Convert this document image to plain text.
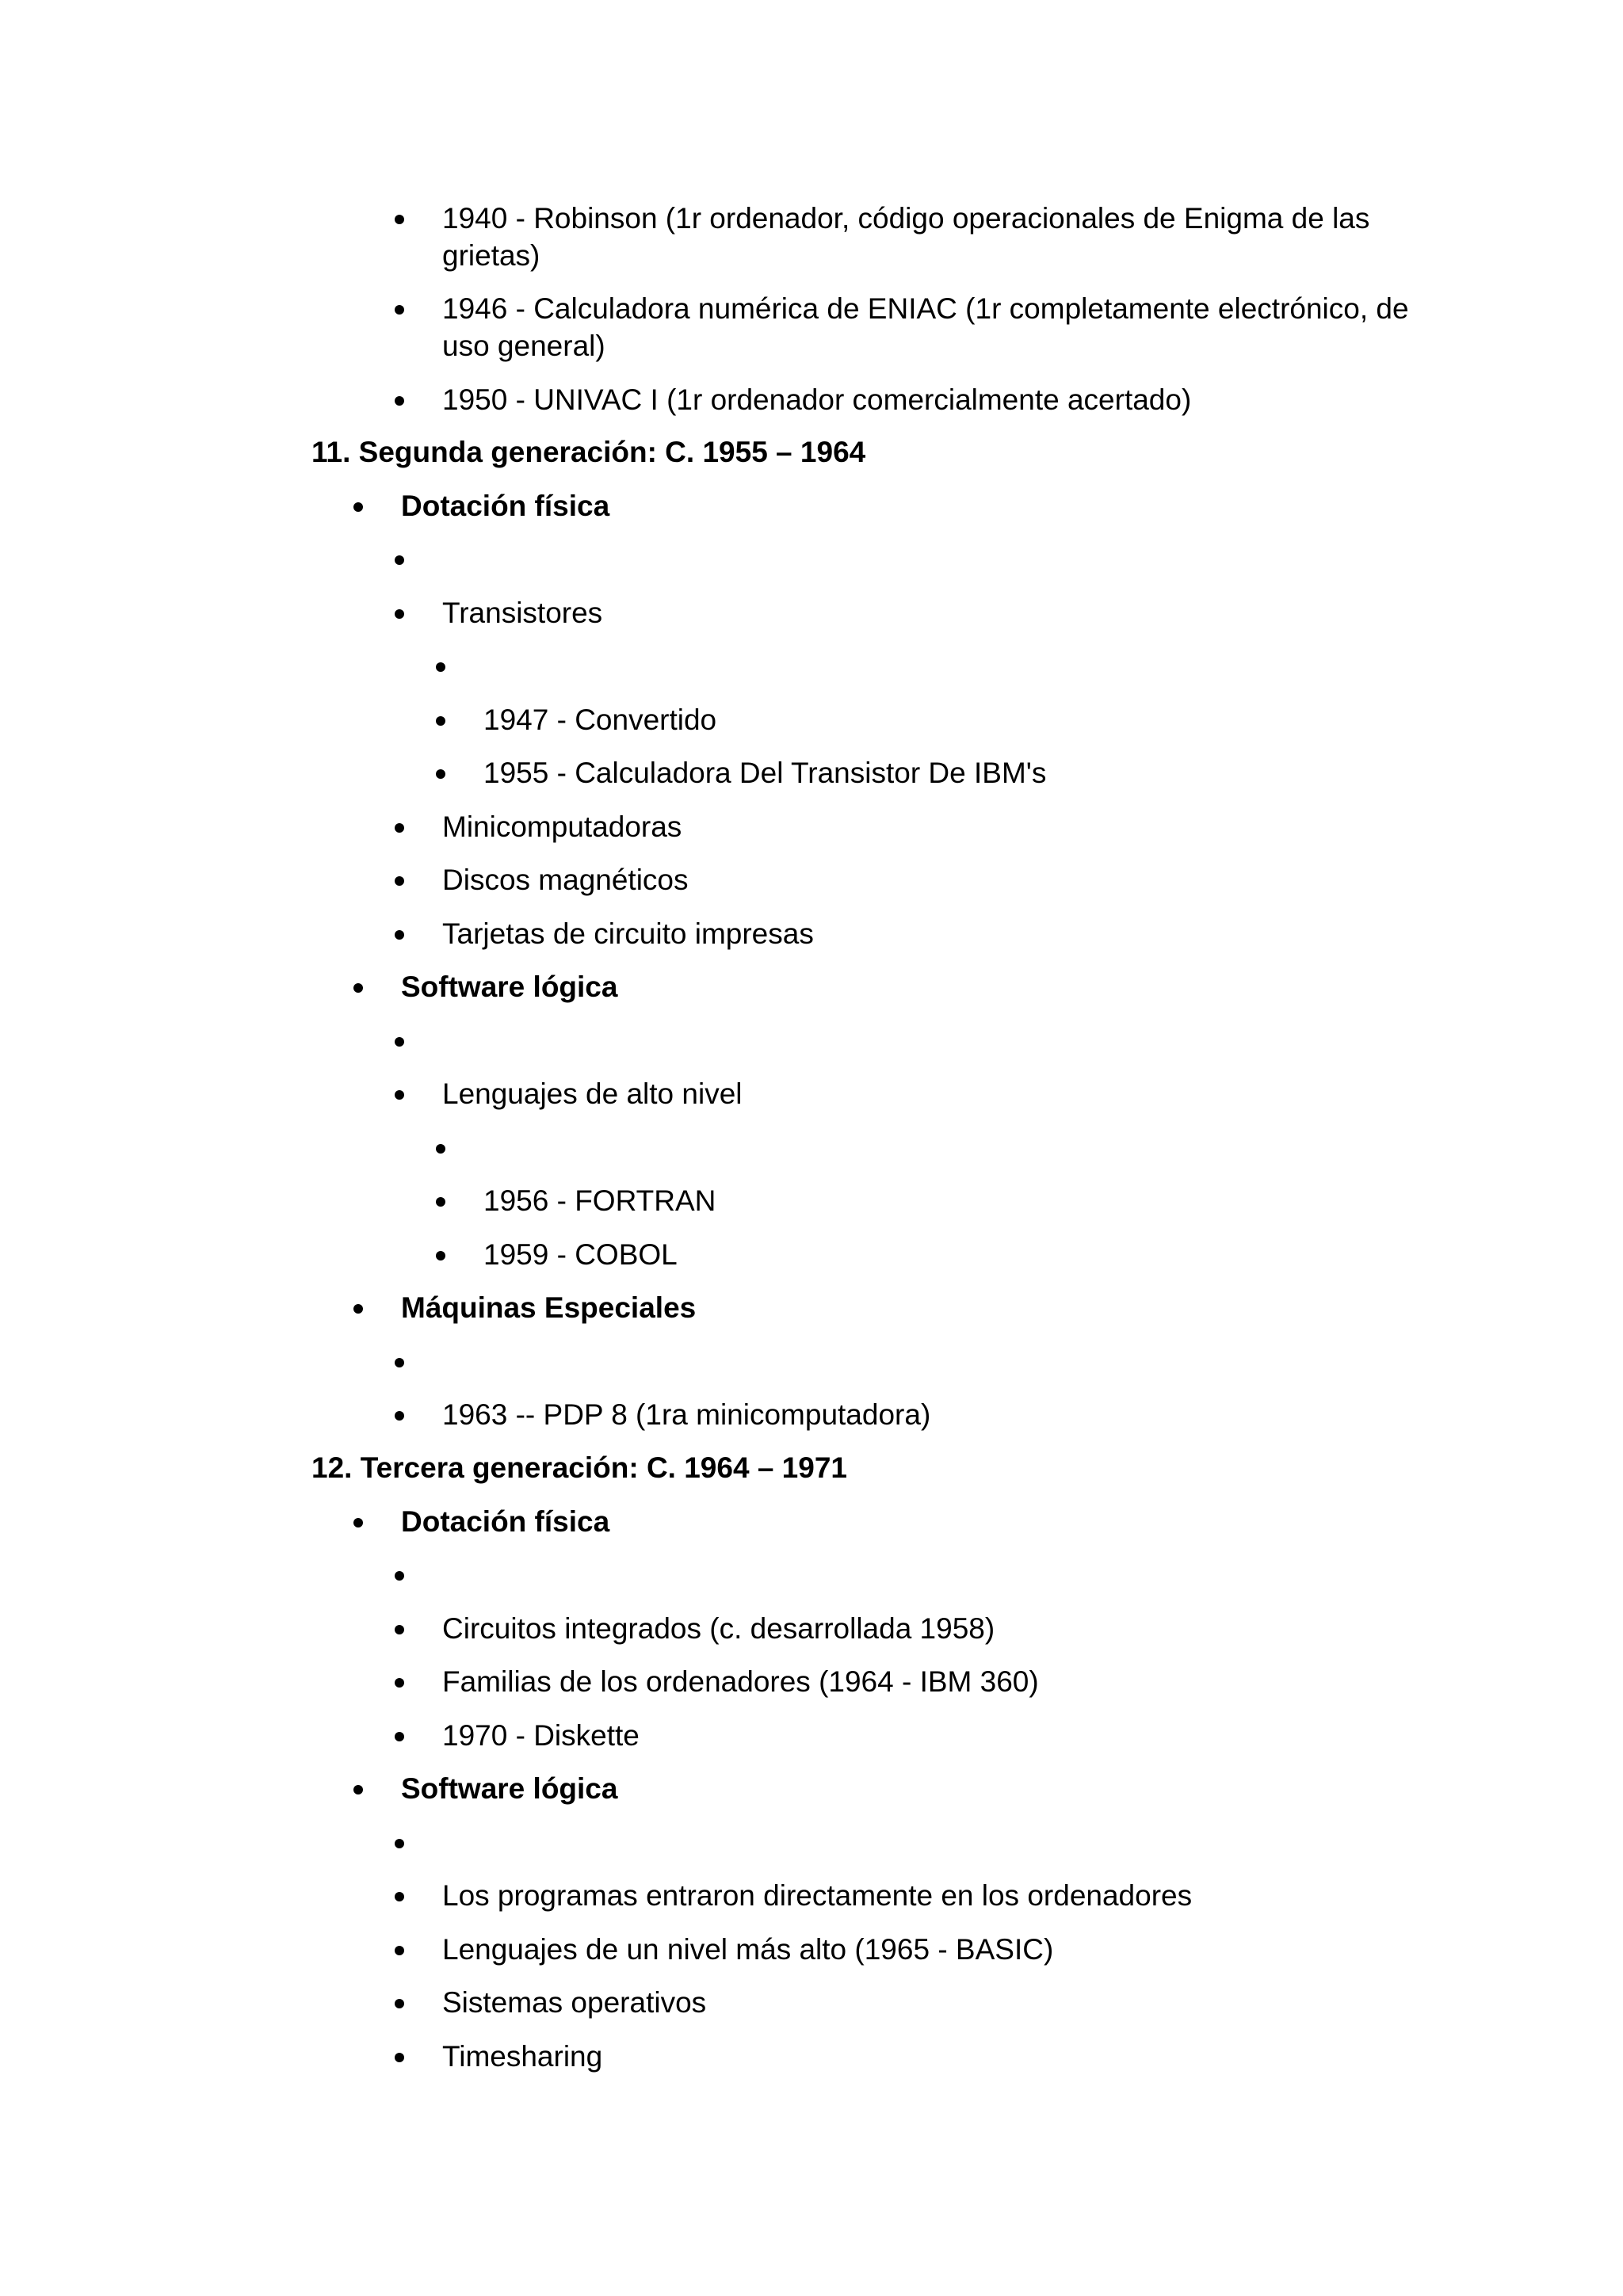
1940 - Robinson (1r ordenador, código operacionales de Enigma de las grietas)
1946 - Calculadora numérica de ENIAC (1r completamente electrónico, de uso general)
1950 - UNIVAC I (1r ordenador comercialmente acertado)
11. Segunda generación: C. 1955 – 1964
Dotación física
Transistores
1947 - Convertido
1955 - Calculadora Del Transistor De IBM's
Minicomputadoras
Discos magnéticos
Tarjetas de circuito impresas
Software lógica
Lenguajes de alto nivel
1956 - FORTRAN
1959 - COBOL
Máquinas Especiales
1963 -- PDP 8 (1ra minicomputadora)
12. Tercera generación: C. 1964 – 1971
Dotación física
Circuitos integrados (c. desarrollada 1958)
Familias de los ordenadores (1964 - IBM 360)
1970 - Diskette
Software lógica
Los programas entraron directamente en los ordenadores
Lenguajes de un nivel más alto (1965 - BASIC)
Sistemas operativos
Timesharing
